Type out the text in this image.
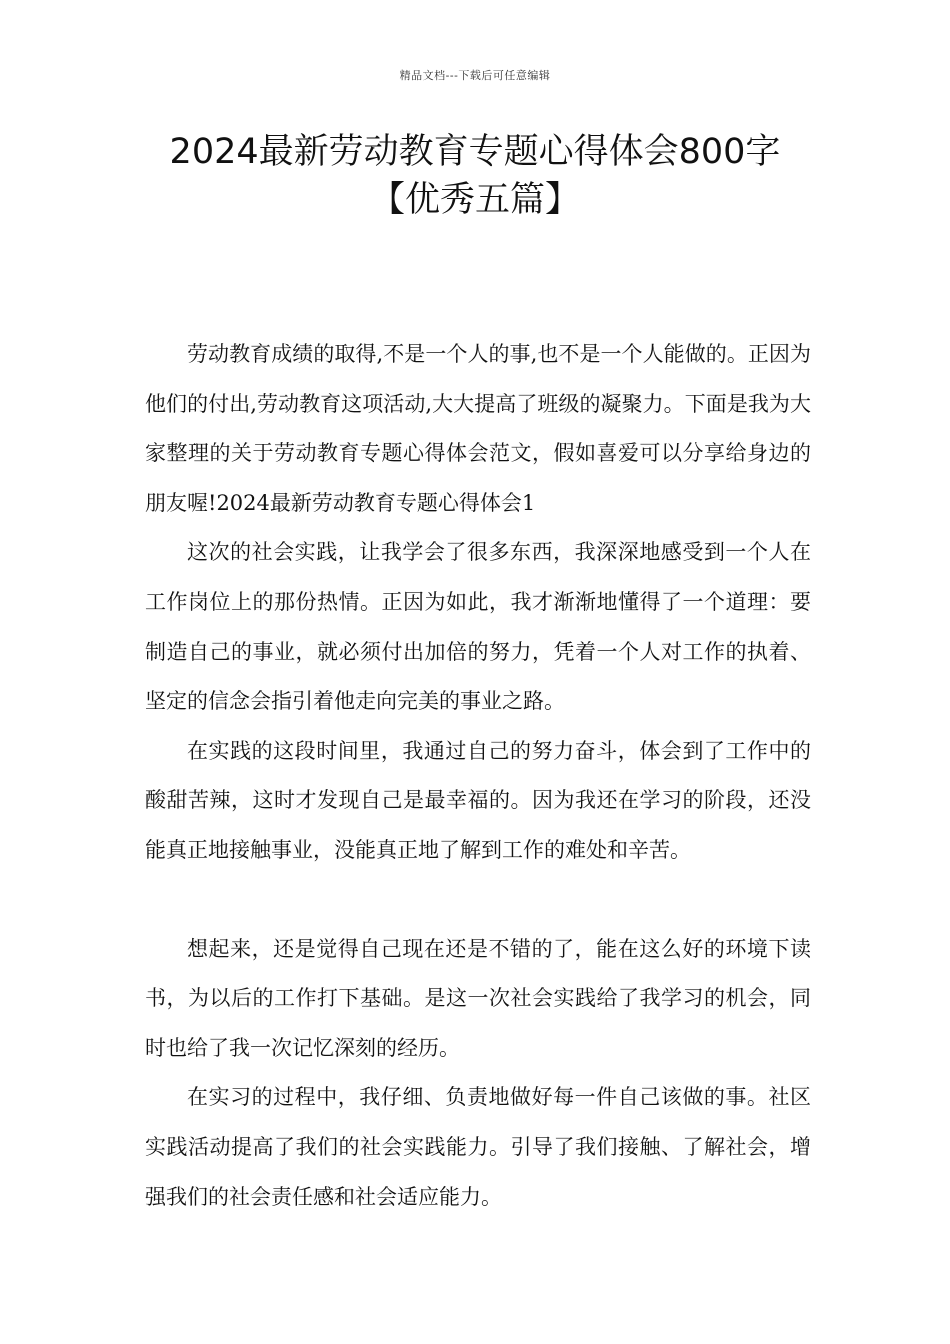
精品文档---下载后可任意编辑
2024最新劳动教育专题心得体会800字
【优秀五篇】

劳动教育成绩的取得,不是一个人的事,也不是一个人能做的。正因为他们的付出,劳动教育这项活动,大大提高了班级的凝聚力。下面是我为大家整理的关于劳动教育专题心得体会范文，假如喜爱可以分享给身边的朋友喔!2024最新劳动教育专题心得体会1

这次的社会实践，让我学会了很多东西，我深深地感受到一个人在工作岗位上的那份热情。正因为如此，我才渐渐地懂得了一个道理：要制造自己的事业，就必须付出加倍的努力，凭着一个人对工作的执着、坚定的信念会指引着他走向完美的事业之路。

在实践的这段时间里，我通过自己的努力奋斗，体会到了工作中的酸甜苦辣，这时才发现自己是最幸福的。因为我还在学习的阶段，还没能真正地接触事业，没能真正地了解到工作的难处和辛苦。

想起来，还是觉得自己现在还是不错的了，能在这么好的环境下读书，为以后的工作打下基础。是这一次社会实践给了我学习的机会，同时也给了我一次记忆深刻的经历。

在实习的过程中，我仔细、负责地做好每一件自己该做的事。社区实践活动提高了我们的社会实践能力。引导了我们接触、了解社会，增强我们的社会责任感和社会适应能力。
